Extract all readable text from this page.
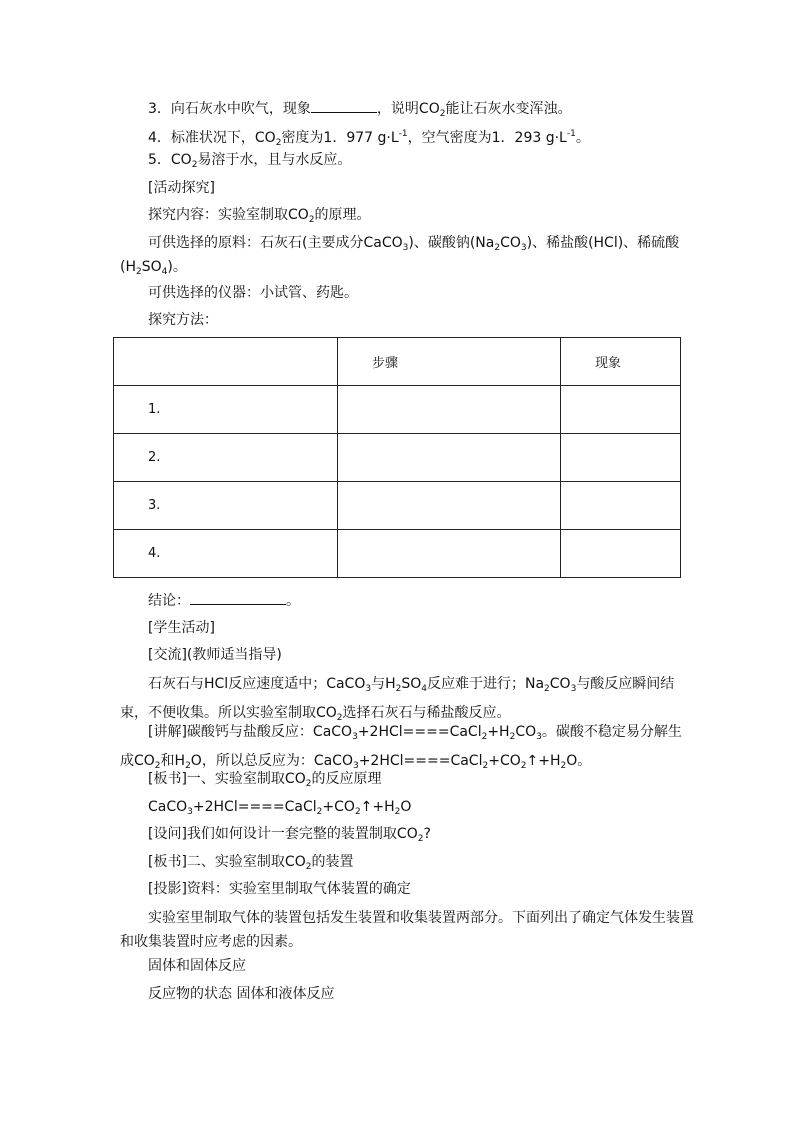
3．向石灰水中吹气，现象	，说明$CO_2$能让石灰水变浑浊。
4．标准状况下，$CO_2$密度为1．977 $g\cdot L^{-1}$，空气密度为1．293 $g\cdot L^{-1}$。
5．$CO_2$易溶于水，且与水反应。
[活动探究]
探究内容：实验室制取$CO_2$的原理。
可供选择的原料：石灰石(主要成分CaCO$_3$)、碳酸钠$(Na_2CO_3)$、稀盐酸(HCl)、稀硫酸
$(H_2SO_4)$。
可供选择的仪器：小试管、药匙。
探究方法：
	步骤	现象
1.		
2.		
3.		
4.		
结论：	。
[学生活动]
[交流](教师适当指导)
石灰石与HCl反应速度适中；CaCO$_3$与$H_2SO_4$反应难于进行；$Na_2CO_3$与酸反应瞬间结束，不便收集。所以实验室制取$CO_2$选择石灰石与稀盐酸反应。
[讲解]碳酸钙与盐酸反应：$CaCO_3+2HCl====CaCl_2+H_2CO_3$。碳酸不稳定易分解生成$CO_2$和$H_2O$，所以总反应为：$CaCO_3+2HCl====CaCl_2+CO_2↑+H_2O$。
[板书]一、实验室制取$CO_2$的反应原理
$CaCO_3+2HCl====CaCl_2+CO_2↑+H_2O$
[设问]我们如何设计一套完整的装置制取$CO_2$?
[板书]二、实验室制取$CO_2$的装置
[投影]资料：实验室里制取气体装置的确定
实验室里制取气体的装置包括发生装置和收集装置两部分。下面列出了确定气体发生装置和收集装置时应考虑的因素。
固体和固体反应
反应物的状态 固体和液体反应
